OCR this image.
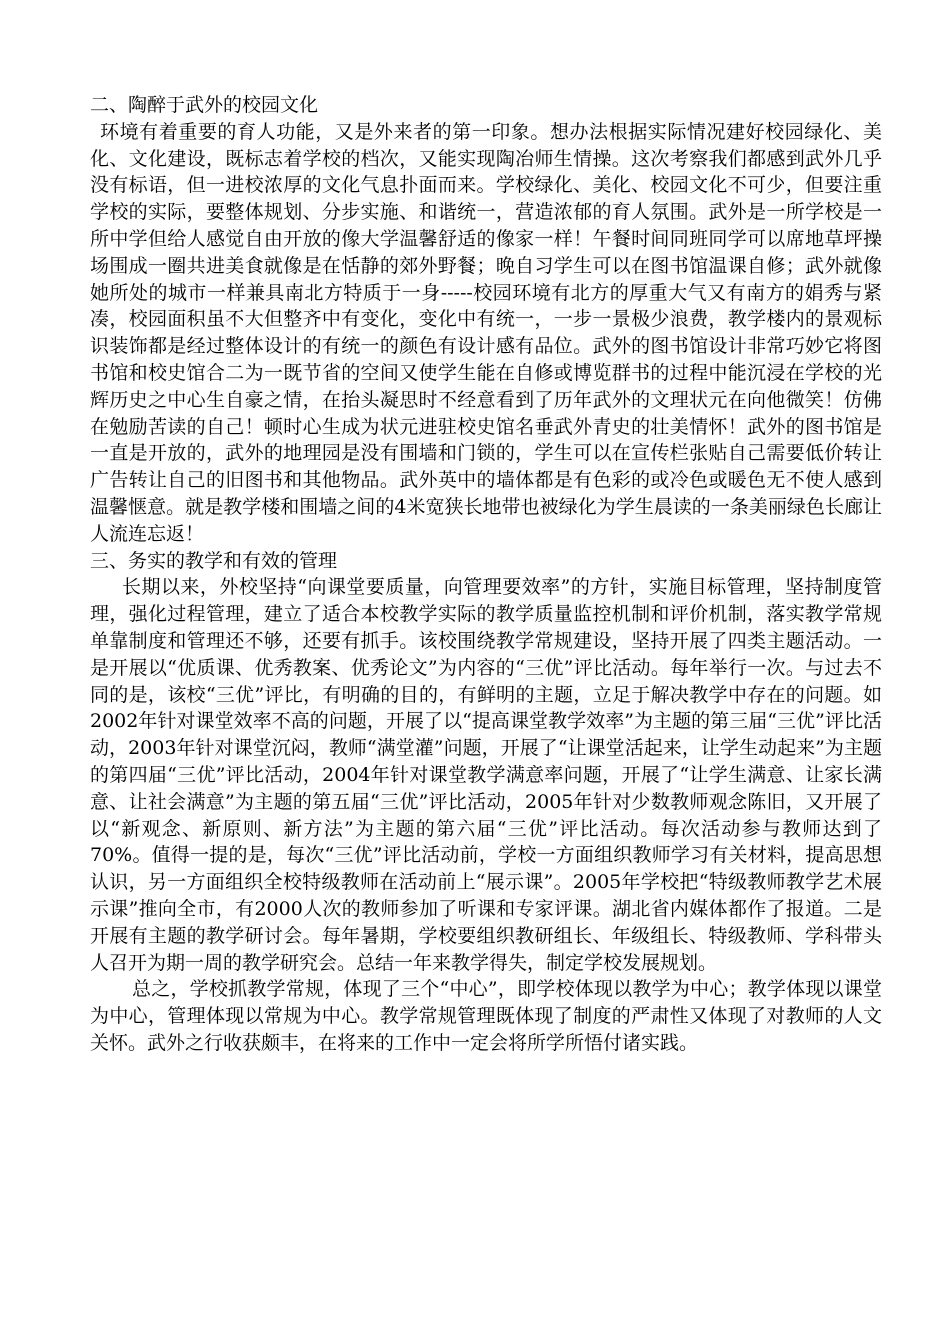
二、陶醉于武外的校园文化

环境有着重要的育人功能，又是外来者的第一印象。想办法根据实际情况建好校园绿化、美化、文化建设，既标志着学校的档次，又能实现陶冶师生情操。这次考察我们都感到武外几乎没有标语，但一进校浓厚的文化气息扑面而来。学校绿化、美化、校园文化不可少，但要注重学校的实际，要整体规划、分步实施、和谐统一，营造浓郁的育人氛围。武外是一所学校是一所中学但给人感觉自由开放的像大学温馨舒适的像家一样！午餐时间同班同学可以席地草坪操场围成一圈共进美食就像是在恬静的郊外野餐；晚自习学生可以在图书馆温课自修；武外就像她所处的城市一样兼具南北方特质于一身-----校园环境有北方的厚重大气又有南方的娟秀与紧凑，校园面积虽不大但整齐中有变化，变化中有统一，一步一景极少浪费，教学楼内的景观标识装饰都是经过整体设计的有统一的颜色有设计感有品位。武外的图书馆设计非常巧妙它将图书馆和校史馆合二为一既节省的空间又使学生能在自修或博览群书的过程中能沉浸在学校的光辉历史之中心生自豪之情，在抬头凝思时不经意看到了历年武外的文理状元在向他微笑！仿佛在勉励苦读的自己！顿时心生成为状元进驻校史馆名垂武外青史的壮美情怀！武外的图书馆是一直是开放的，武外的地理园是没有围墙和门锁的，学生可以在宣传栏张贴自己需要低价转让广告转让自己的旧图书和其他物品。武外英中的墙体都是有色彩的或冷色或暖色无不使人感到温馨惬意。就是教学楼和围墙之间的4米宽狭长地带也被绿化为学生晨读的一条美丽绿色长廊让人流连忘返！

三、务实的教学和有效的管理

长期以来，外校坚持“向课堂要质量，向管理要效率”的方针，实施目标管理，坚持制度管理，强化过程管理，建立了适合本校教学实际的教学质量监控机制和评价机制，落实教学常规单靠制度和管理还不够，还要有抓手。该校围绕教学常规建设，坚持开展了四类主题活动。一是开展以“优质课、优秀教案、优秀论文”为内容的“三优”评比活动。每年举行一次。与过去不同的是，该校“三优”评比，有明确的目的，有鲜明的主题，立足于解决教学中存在的问题。如2002年针对课堂效率不高的问题，开展了以“提高课堂教学效率”为主题的第三届“三优”评比活动，2003年针对课堂沉闷，教师“满堂灌”问题，开展了“让课堂活起来，让学生动起来”为主题的第四届“三优”评比活动，2004年针对课堂教学满意率问题，开展了“让学生满意、让家长满意、让社会满意”为主题的第五届“三优”评比活动，2005年针对少数教师观念陈旧，又开展了以“新观念、新原则、新方法”为主题的第六届“三优”评比活动。每次活动参与教师达到了70%。值得一提的是，每次“三优”评比活动前，学校一方面组织教师学习有关材料，提高思想认识，另一方面组织全校特级教师在活动前上“展示课”。2005年学校把“特级教师教学艺术展示课”推向全市，有2000人次的教师参加了听课和专家评课。湖北省内媒体都作了报道。二是开展有主题的教学研讨会。每年暑期，学校要组织教研组长、年级组长、特级教师、学科带头人召开为期一周的教学研究会。总结一年来教学得失，制定学校发展规划。

总之，学校抓教学常规，体现了三个“中心”，即学校体现以教学为中心；教学体现以课堂为中心，管理体现以常规为中心。教学常规管理既体现了制度的严肃性又体现了对教师的人文关怀。武外之行收获颇丰，在将来的工作中一定会将所学所悟付诸实践。
